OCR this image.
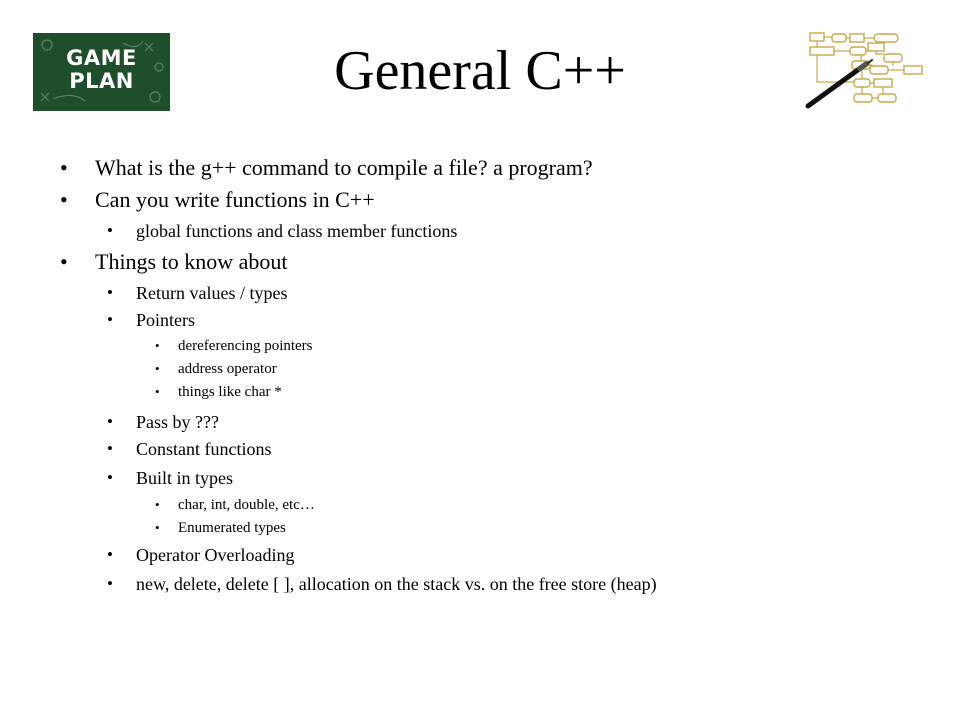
GAME
PLAN	General C++
• What is the g++ command to compile a file? a program?
• Can you write functions in C++
• global functions and class member functions
• Things to know about
• Return values / types
• Pointers
• dereferencing pointers
• address operator
• things like char *
• Pass by ???
• Constant functions
• Built in types
• char, int, double, etc…
• Enumerated types
• Operator Overloading
• new, delete, delete [ ], allocation on the stack vs. on the free store (heap)
